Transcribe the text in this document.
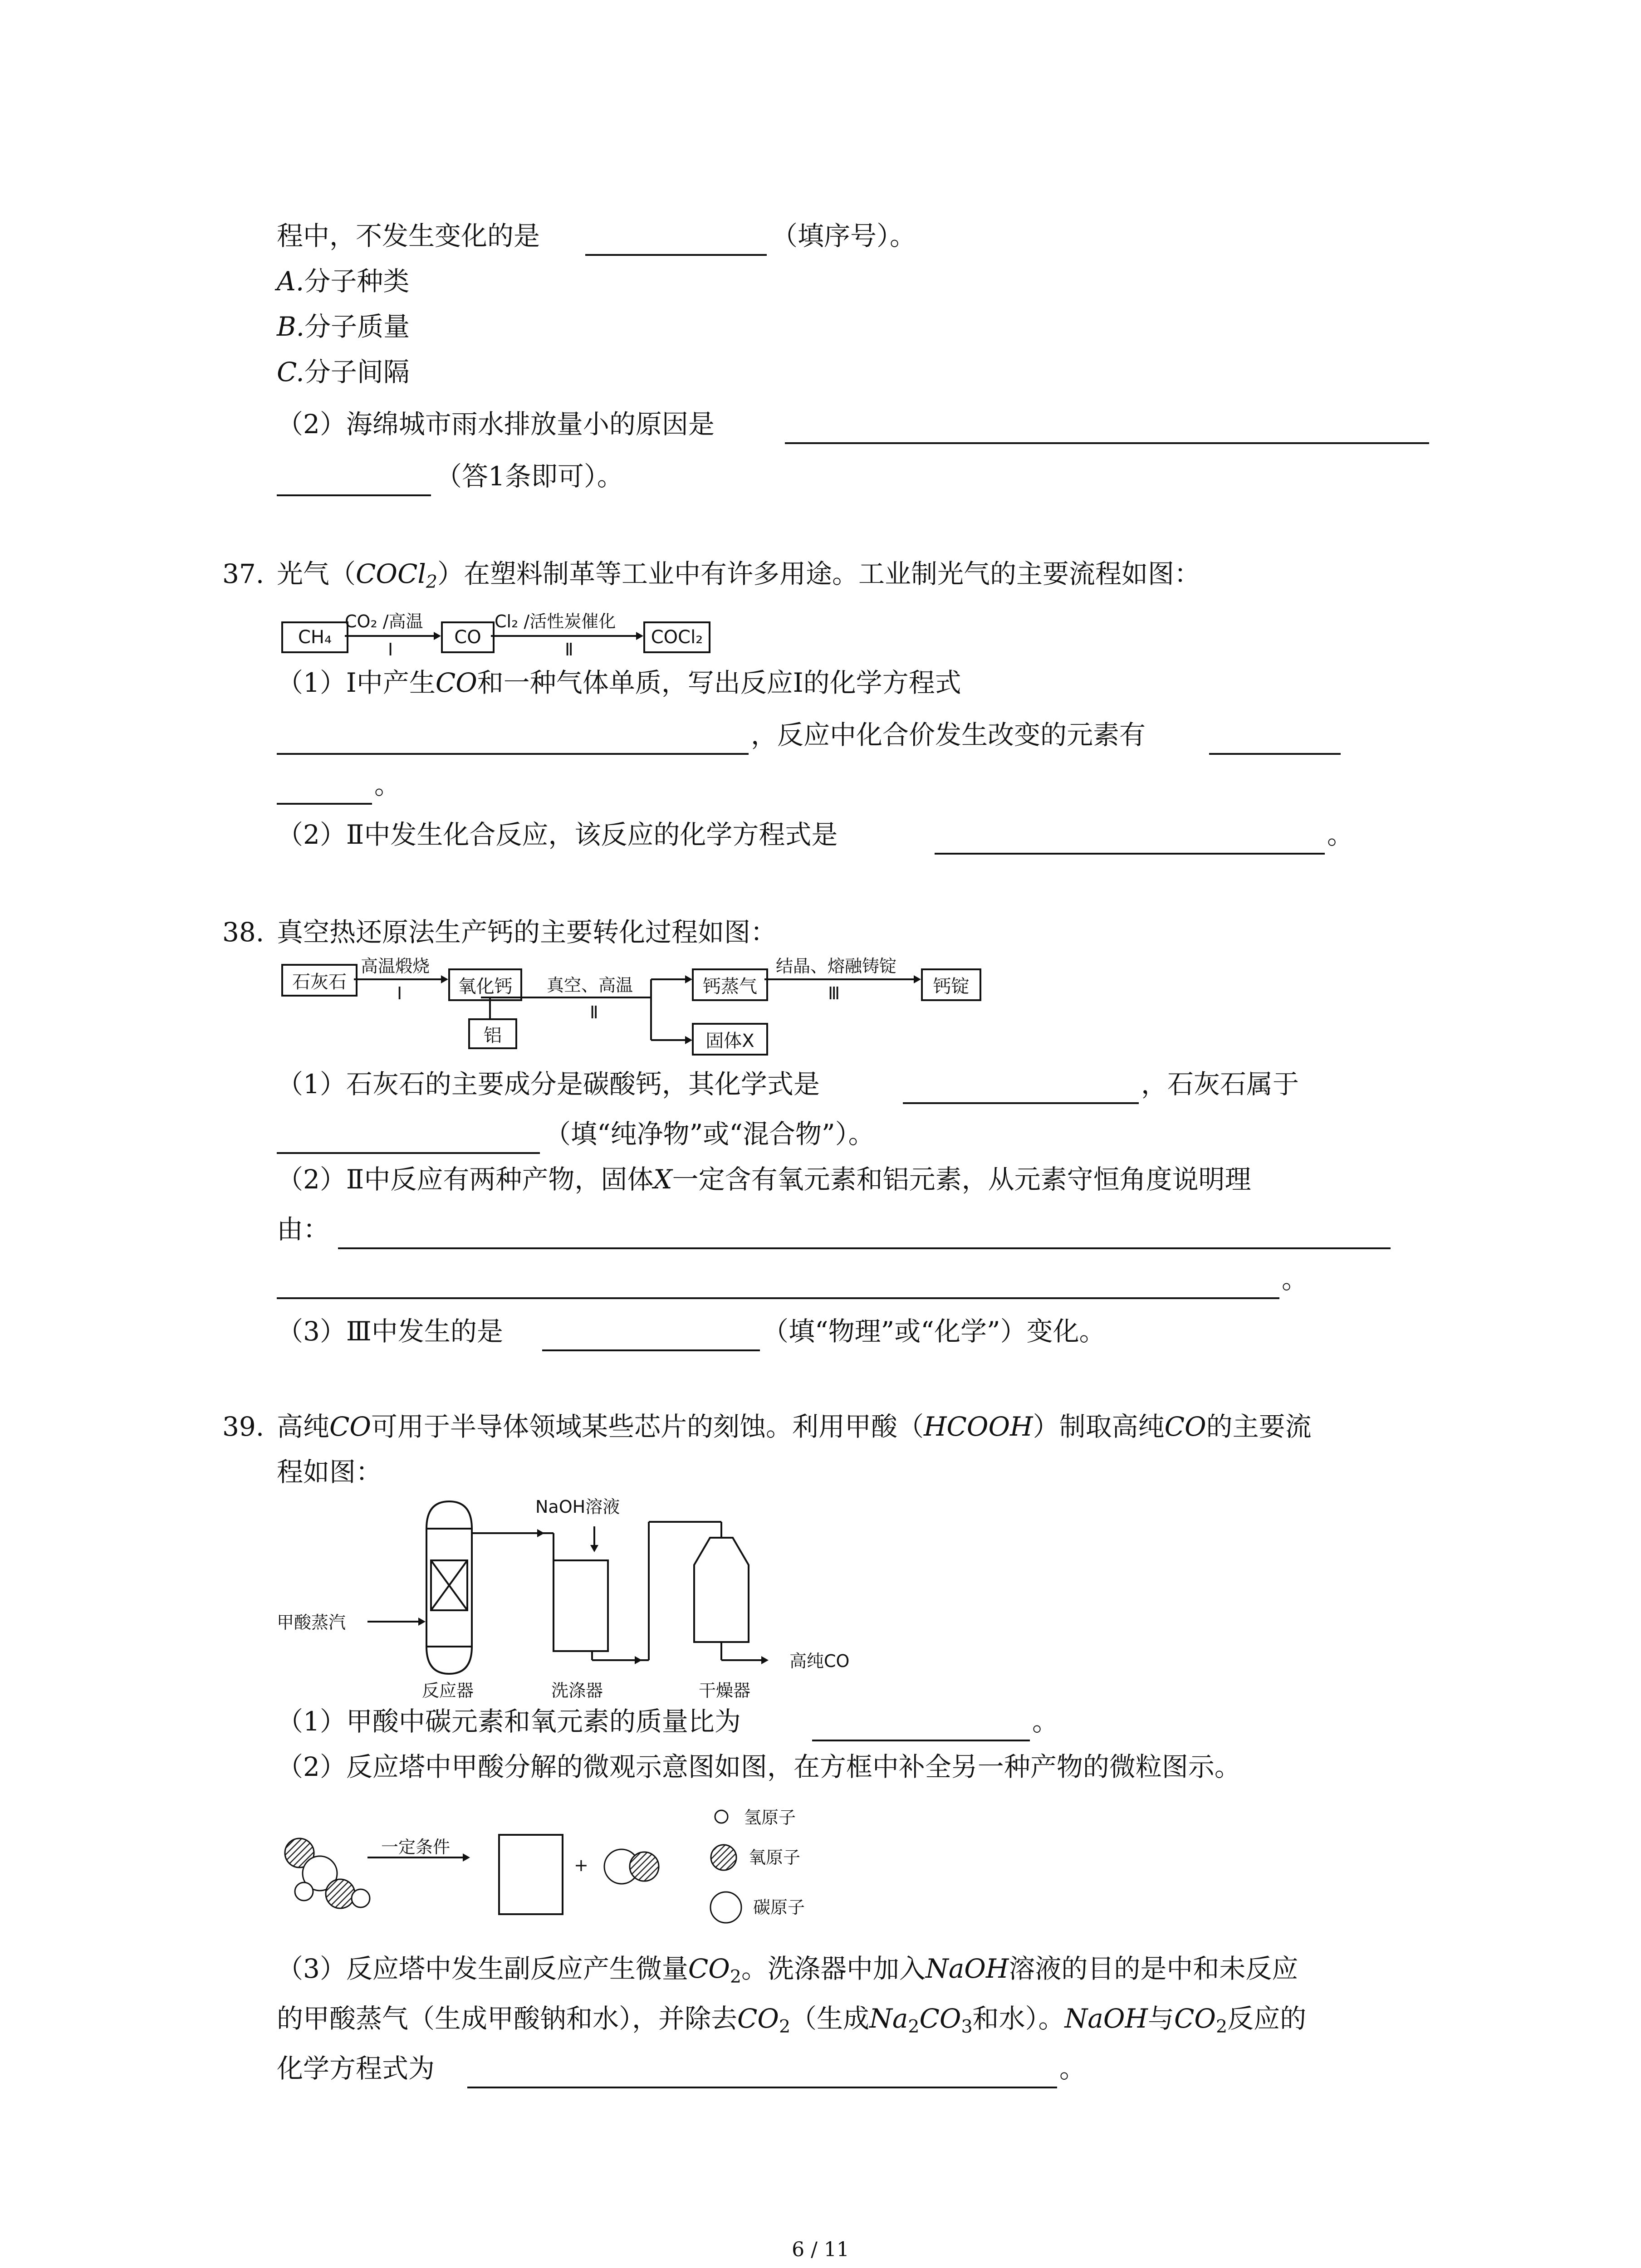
程中，不发生变化的是	（填序号）。
A.分子种类
B.分子质量
C.分子间隔
（2）海绵城市雨水排放量小的原因是
（答1条即可）。
37. 光气（COCl$_2$）在塑料制革等工业中有许多用途。工业制光气的主要流程如图：
CH₄	CO	COCl₂
CO₂ /高温
Ⅰ
Cl₂ /活性炭催化
Ⅱ
（1）Ⅰ中产生CO和一种气体单质，写出反应Ⅰ的化学方程式
，反应中化合价发生改变的元素有
。
（2）Ⅱ中发生化合反应，该反应的化学方程式是	。
38. 真空热还原法生产钙的主要转化过程如图：
石灰石	氧化钙
铝
钙蒸气
固体X
钙锭
高温煅烧
Ⅰ	真空、高温
Ⅱ
结晶、熔融铸锭
Ⅲ
（1）石灰石的主要成分是碳酸钙，其化学式是	，石灰石属于
（填“纯净物”或“混合物”）。
（2）Ⅱ中反应有两种产物，固体X一定含有氧元素和铝元素，从元素守恒角度说明理
由：
。
（3）Ⅲ中发生的是	（填“物理”或“化学”）变化。
39. 高纯CO可用于半导体领域某些芯片的刻蚀。利用甲酸（HCOOH）制取高纯CO的主要流
程如图：
NaOH溶液
甲酸蒸汽
高纯CO
反应器	洗涤器	干燥器
（1）甲酸中碳元素和氧元素的质量比为	。
（2）反应塔中甲酸分解的微观示意图如图，在方框中补全另一种产物的微粒图示。
一定条件
+
氢原子
氧原子
碳原子
（3）反应塔中发生副反应产生微量$CO_2$。洗涤器中加入NaOH溶液的目的是中和未反应
的甲酸蒸气（生成甲酸钠和水），并除去$CO_2$（生成$Na_2CO_3$和水）。NaOH与$CO_2$反应的
化学方程式为	。
6 / 11
